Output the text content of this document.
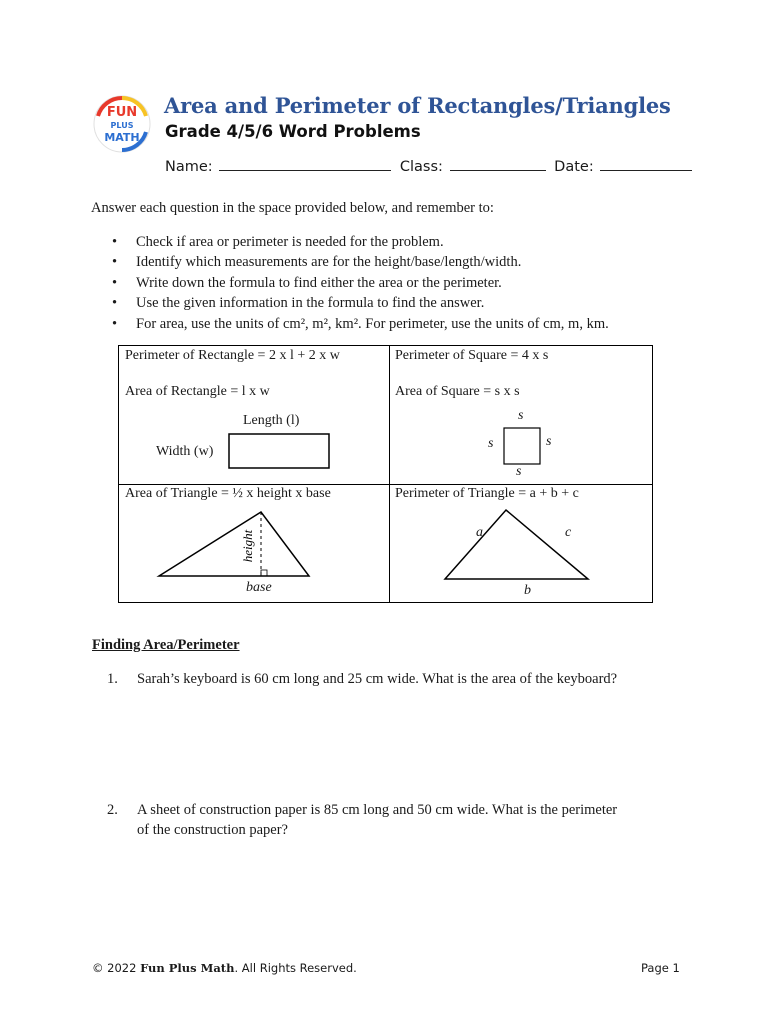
FUN
PLUS
MATH
Area and Perimeter of Rectangles/Triangles
Grade 4/5/6 Word Problems
Name:	Class:	Date:
Answer each question in the space provided below, and remember to:
• Check if area or perimeter is needed for the problem.
• Identify which measurements are for the height/base/length/width.
• Write down the formula to find either the area or the perimeter.
• Use the given information in the formula to find the answer.
• For area, use the units of cm², m², km². For perimeter, use the units of cm, m, km.
Perimeter of Rectangle = 2 x l + 2 x w
Area of Rectangle = l x w
Length (l)
Width (w)
Perimeter of Square = 4 x s
Area of Square = s x s
s
s	s
s
Area of Triangle = ½ x height x base
height
base
Perimeter of Triangle = a + b + c
a	c
b
Finding Area/Perimeter
1. Sarah’s keyboard is 60 cm long and 25 cm wide. What is the area of the keyboard?
2. A sheet of construction paper is 85 cm long and 50 cm wide. What is the perimeter of the construction paper?
© 2022 Fun Plus Math. All Rights Reserved.	Page 1
